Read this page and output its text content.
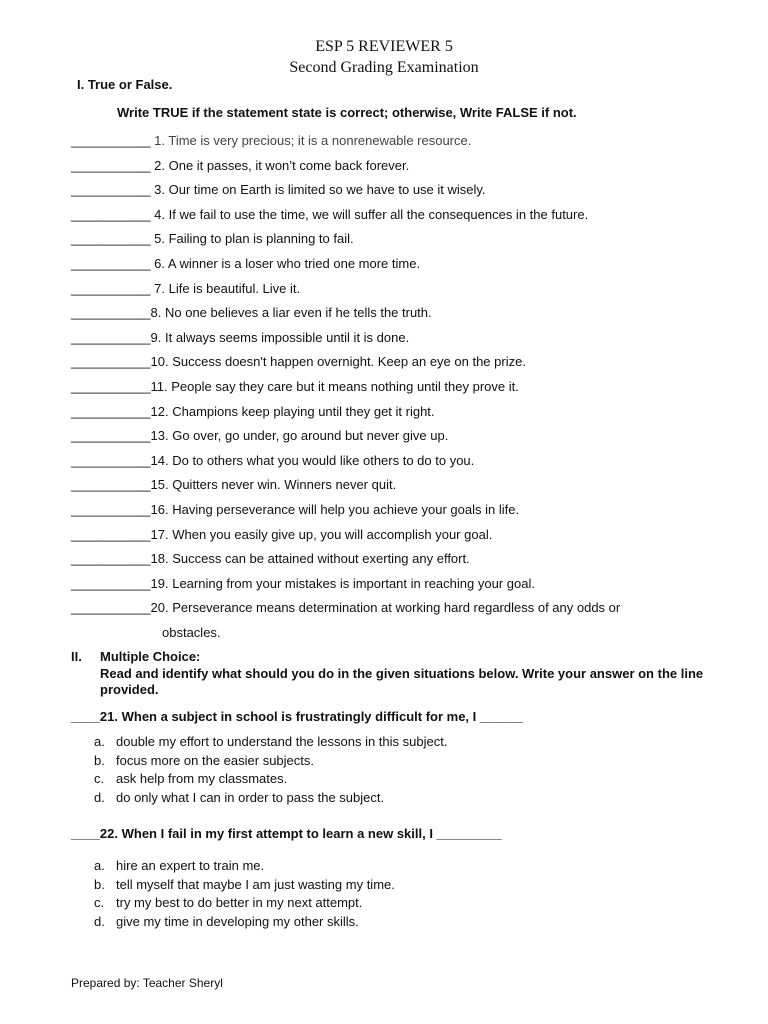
ESP 5 REVIEWER 5
Second Grading Examination
I. True or False.
Write TRUE if the statement state is correct; otherwise, Write FALSE if not.
___________ 1. Time is very precious; it is a nonrenewable resource.
___________ 2. One it passes, it won’t come back forever.
___________ 3. Our time on Earth is limited so we have to use it wisely.
___________ 4. If we fail to use the time, we will suffer all the consequences in the future.
___________ 5. Failing to plan is planning to fail.
___________ 6. A winner is a loser who tried one more time.
___________ 7. Life is beautiful. Live it.
___________8. No one believes a liar even if he tells the truth.
___________9. It always seems impossible until it is done.
___________10. Success doesn't happen overnight. Keep an eye on the prize.
___________11. People say they care but it means nothing until they prove it.
___________12. Champions keep playing until they get it right.
___________13. Go over, go under, go around but never give up.
___________14. Do to others what you would like others to do to you.
___________15. Quitters never win. Winners never quit.
___________16. Having perseverance will help you achieve your goals in life.
___________17. When you easily give up, you will accomplish your goal.
___________18. Success can be attained without exerting any effort.
___________19. Learning from your mistakes is important in reaching your goal.
___________20. Perseverance means determination at working hard regardless of any odds or
obstacles.
II. Multiple Choice:
Read and identify what should you do in the given situations below. Write your answer on the line provided.
____21. When a subject in school is frustratingly difficult for me, I ______
a. double my effort to understand the lessons in this subject.
b. focus more on the easier subjects.
c. ask help from my classmates.
d. do only what I can in order to pass the subject.
____22. When I fail in my first attempt to learn a new skill, I _________
a. hire an expert to train me.
b. tell myself that maybe I am just wasting my time.
c. try my best to do better in my next attempt.
d. give my time in developing my other skills.
Prepared by: Teacher Sheryl
